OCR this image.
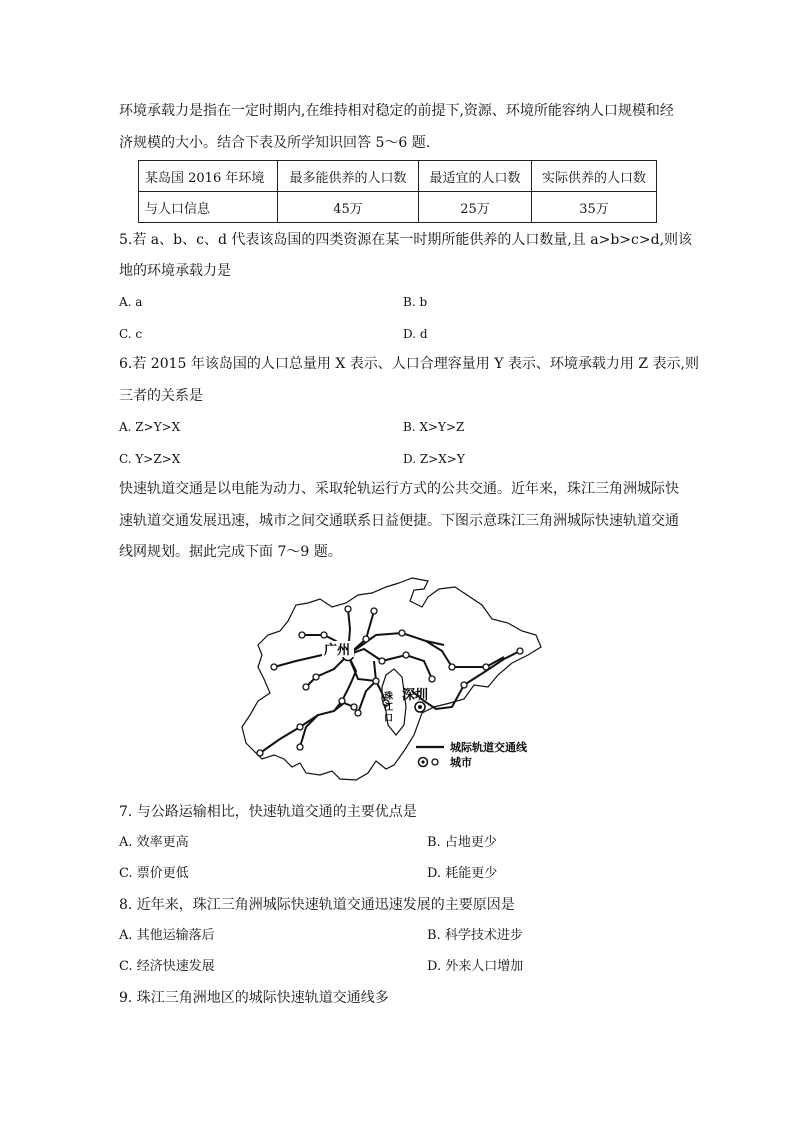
环境承载力是指在一定时期内,在维持相对稳定的前提下,资源、环境所能容纳人口规模和经
济规模的大小。结合下表及所学知识回答 5～6 题.
某岛国 2016 年环境	最多能供养的人口数	最适宜的人口数	实际供养的人口数
与人口信息	45万	25万	35万
5.若 a、b、c、d 代表该岛国的四类资源在某一时期所能供养的人口数量,且 a>b>c>d,则该
地的环境承载力是
A. a	B. b
C. c	D. d
6.若 2015 年该岛国的人口总量用 X 表示、人口合理容量用 Y 表示、环境承载力用 Z 表示,则
三者的关系是
A. Z>Y>X	B. X>Y>Z
C. Y>Z>X	D. Z>X>Y
快速轨道交通是以电能为动力、采取轮轨运行方式的公共交通。近年来，珠江三角洲城际快
速轨道交通发展迅速，城市之间交通联系日益便捷。下图示意珠江三角洲城际快速轨道交通
线网规划。据此完成下面 7～9 题。
广州
深圳
珠
江
口
城际轨道交通线
城市
7. 与公路运输相比，快速轨道交通的主要优点是
A. 效率更高	B. 占地更少
C. 票价更低	D. 耗能更少
8. 近年来，珠江三角洲城际快速轨道交通迅速发展的主要原因是
A. 其他运输落后	B. 科学技术进步
C. 经济快速发展	D. 外来人口增加
9. 珠江三角洲地区的城际快速轨道交通线多
